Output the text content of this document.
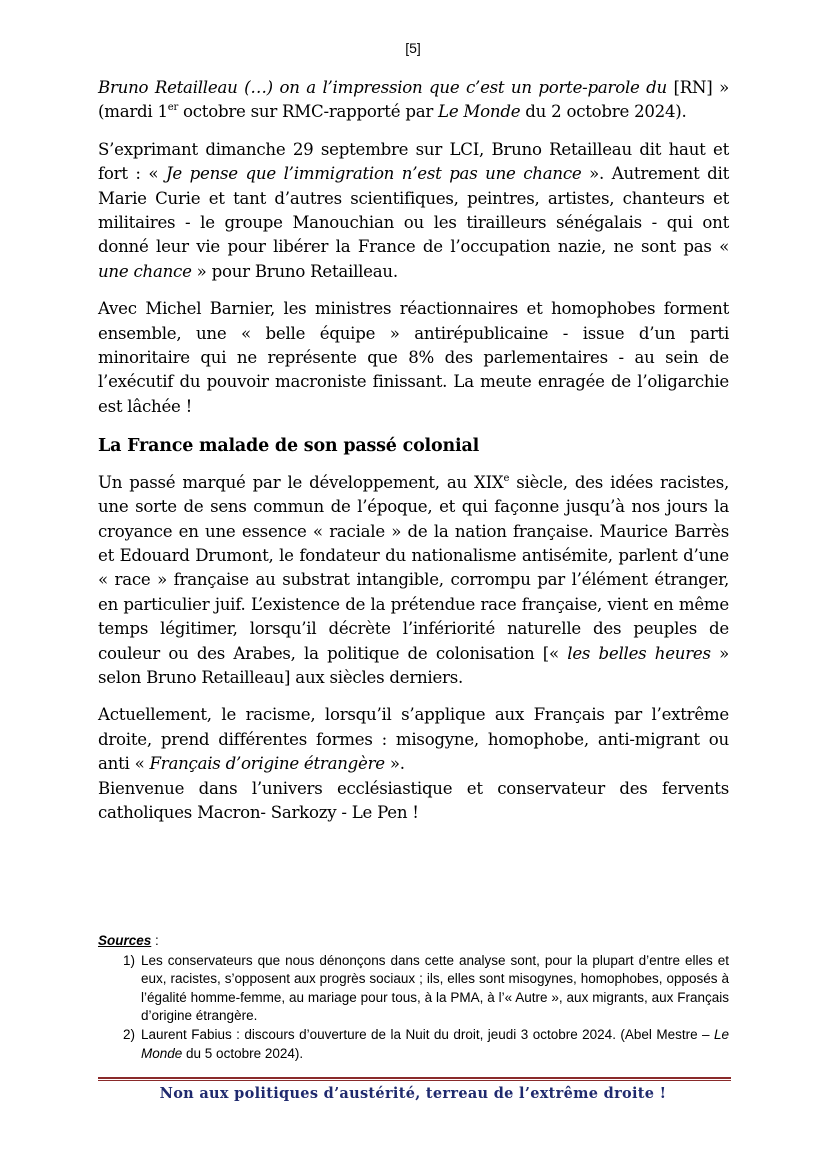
[5]

Bruno Retailleau (…) on a l’impression que c’est un porte-parole du [RN] » (mardi 1er octobre sur RMC-rapporté par Le Monde du 2 octobre 2024).

S’exprimant dimanche 29 septembre sur LCI, Bruno Retailleau dit haut et fort : « Je pense que l’immigration n’est pas une chance ». Autrement dit Marie Curie et tant d’autres scientifiques, peintres, artistes, chanteurs et militaires - le groupe Manouchian ou les tirailleurs sénégalais - qui ont donné leur vie pour libérer la France de l’occupation nazie, ne sont pas « une chance » pour Bruno Retailleau.

Avec Michel Barnier, les ministres réactionnaires et homophobes forment ensemble, une « belle équipe » antirépublicaine - issue d’un parti minoritaire qui ne représente que 8% des parlementaires - au sein de l’exécutif du pouvoir macroniste finissant. La meute enragée de l’oligarchie est lâchée !

La France malade de son passé colonial

Un passé marqué par le développement, au XIXe siècle, des idées racistes, une sorte de sens commun de l’époque, et qui façonne jusqu’à nos jours la croyance en une essence « raciale » de la nation française. Maurice Barrès et Edouard Drumont, le fondateur du nationalisme antisémite, parlent d’une « race » française au substrat intangible, corrompu par l’élément étranger, en particulier juif. L’existence de la prétendue race française, vient en même temps légitimer, lorsqu’il décrète l’infériorité naturelle des peuples de couleur ou des Arabes, la politique de colonisation [« les belles heures » selon Bruno Retailleau] aux siècles derniers.

Actuellement, le racisme, lorsqu’il s’applique aux Français par l’extrême droite, prend différentes formes : misogyne, homophobe, anti-migrant ou anti « Français d’origine étrangère ».

Bienvenue dans l’univers ecclésiastique et conservateur des fervents catholiques Macron- Sarkozy - Le Pen !

Sources :
1) Les conservateurs que nous dénonçons dans cette analyse sont, pour la plupart d’entre elles et eux, racistes, s’opposent aux progrès sociaux ; ils, elles sont misogynes, homophobes, opposés à l’égalité homme-femme, au mariage pour tous, à la PMA, à l’« Autre », aux migrants, aux Français d’origine étrangère.
2) Laurent Fabius : discours d’ouverture de la Nuit du droit, jeudi 3 octobre 2024. (Abel Mestre – Le Monde du 5 octobre 2024).
Non aux politiques d’austérité, terreau de l’extrême droite !
